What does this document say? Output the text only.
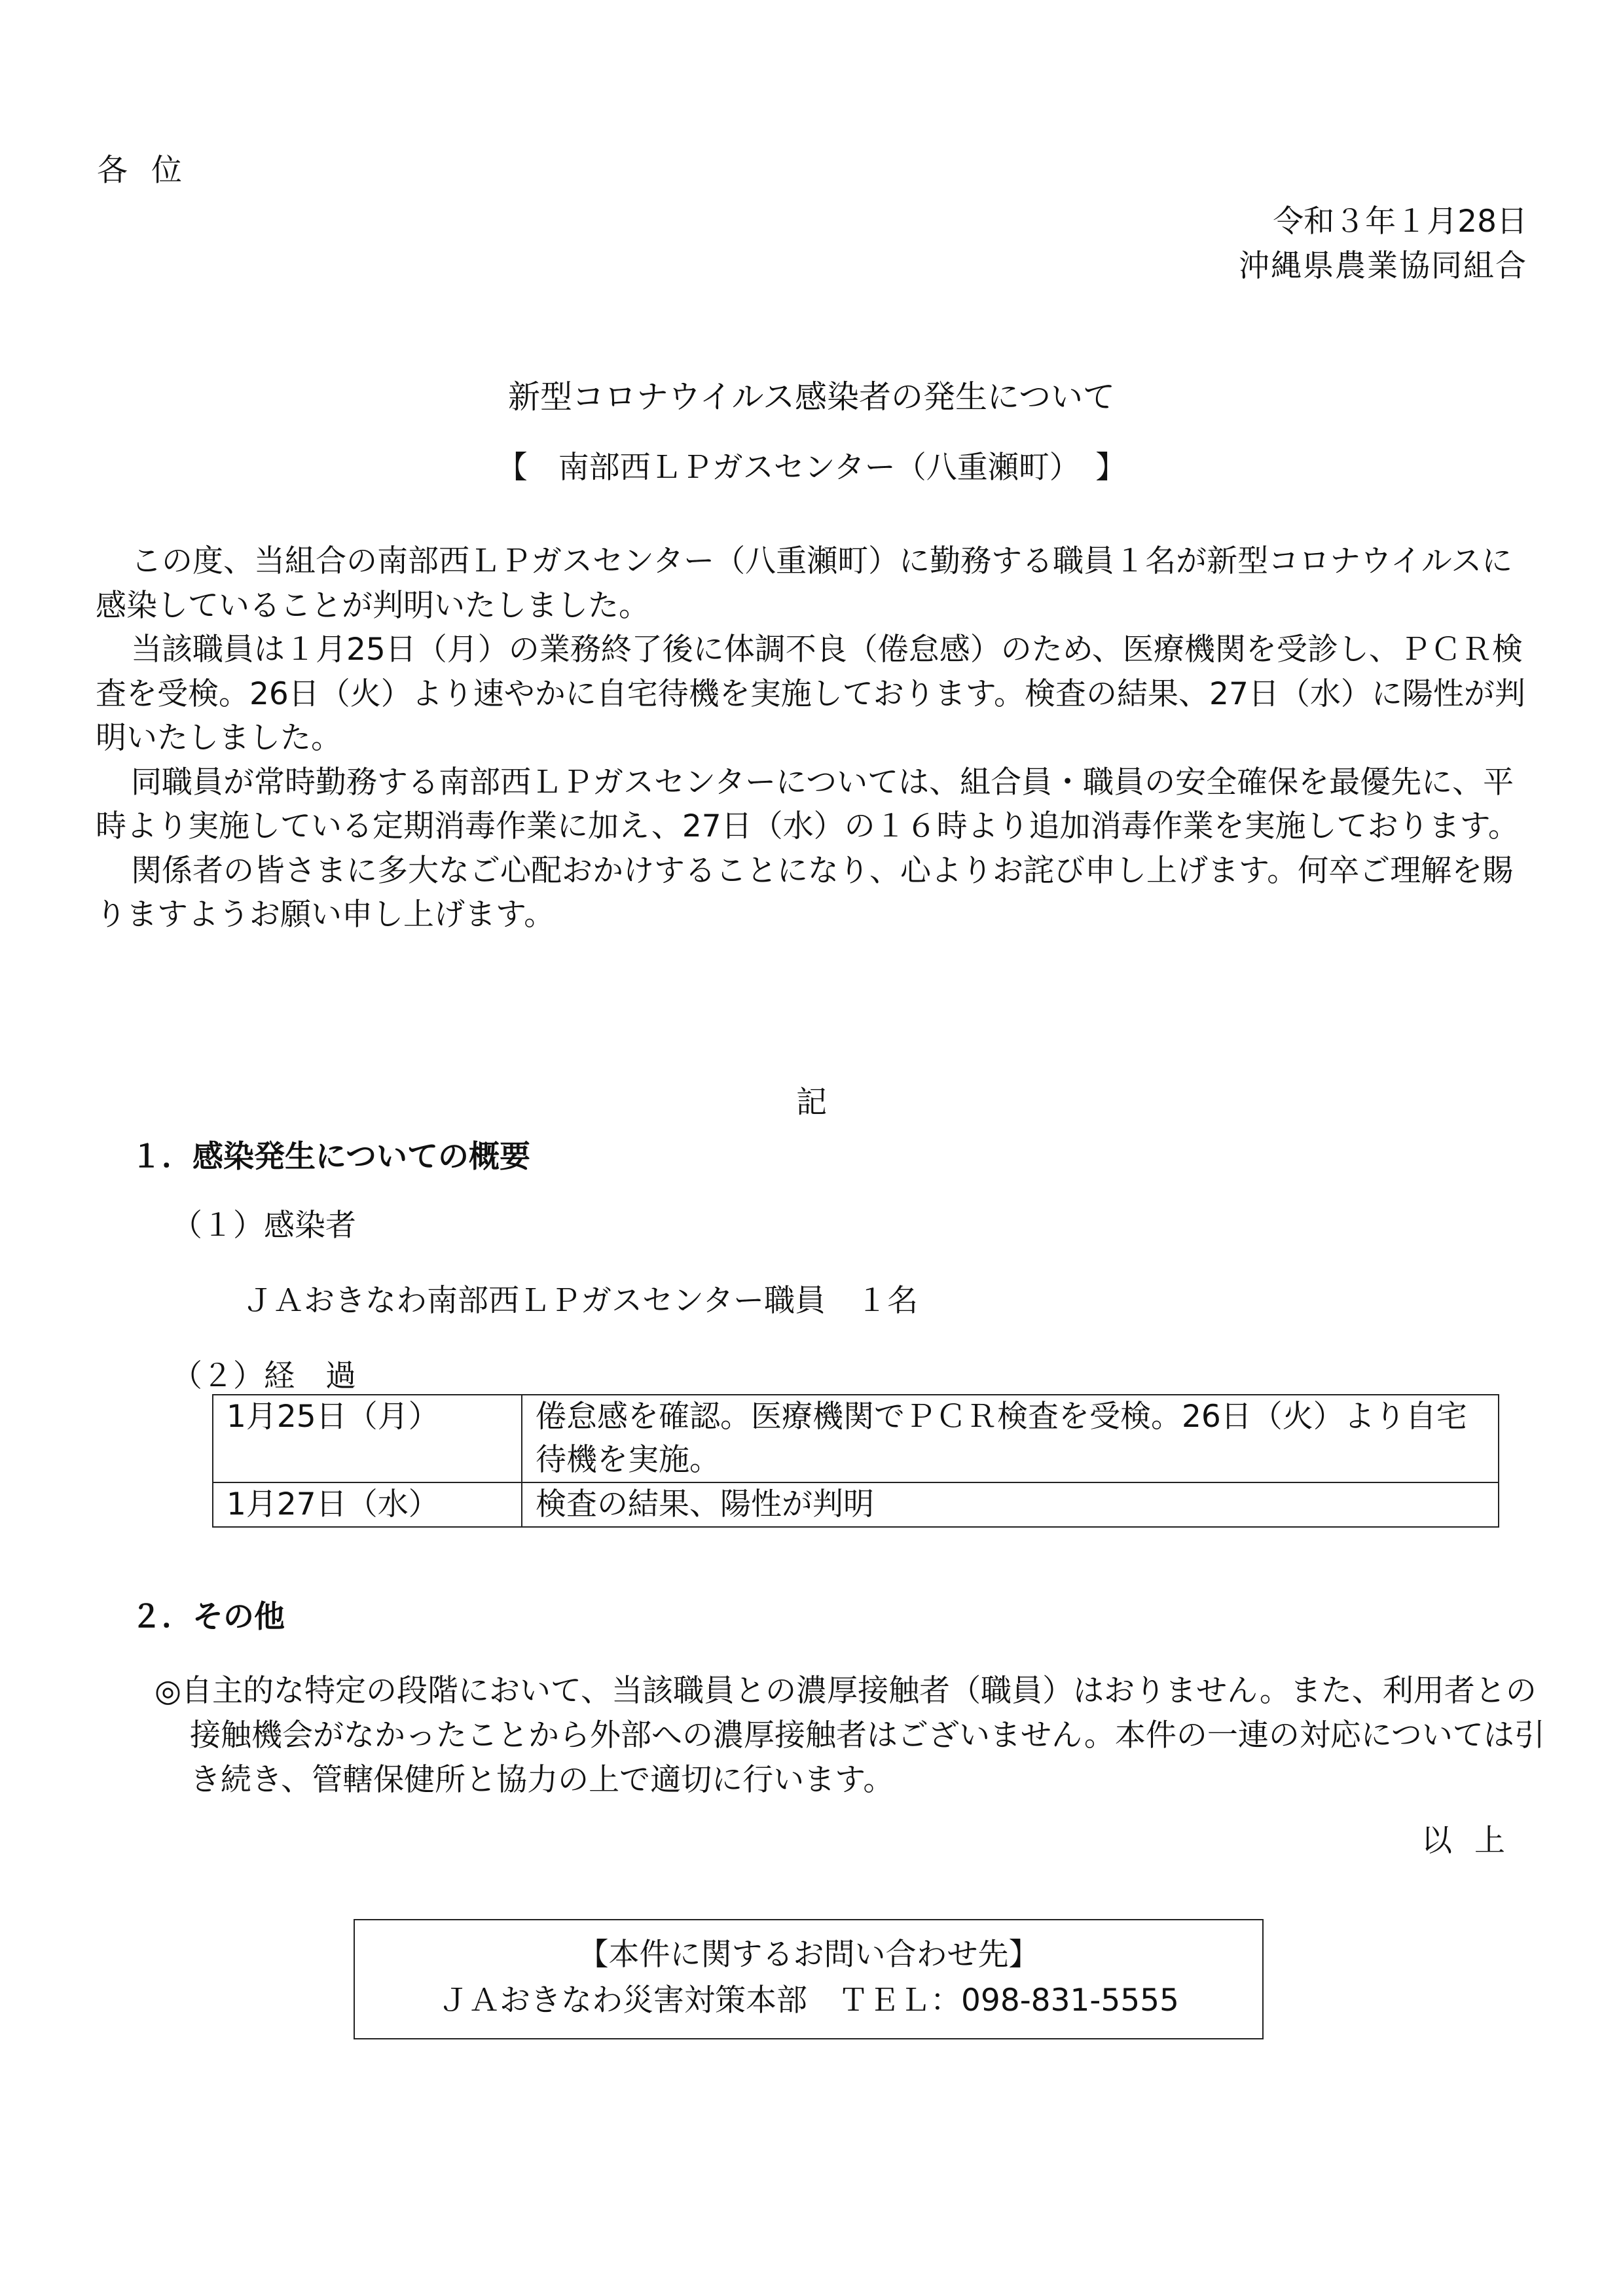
各位
令和３年１月28日
沖縄県農業協同組合
新型コロナウイルス感染者の発生について
【　南部西ＬＰガスセンター（八重瀬町）　】

この度、当組合の南部西ＬＰガスセンター（八重瀬町）に勤務する職員１名が新型コロナウイルスに感染していることが判明いたしました。

当該職員は１月25日（月）の業務終了後に体調不良（倦怠感）のため、医療機関を受診し、ＰＣＲ検査を受検。26日（火）より速やかに自宅待機を実施しております。検査の結果、27日（水）に陽性が判明いたしました。

同職員が常時勤務する南部西ＬＰガスセンターについては、組合員・職員の安全確保を最優先に、平時より実施している定期消毒作業に加え、27日（水）の１６時より追加消毒作業を実施しております。

関係者の皆さまに多大なご心配おかけすることになり、心よりお詫び申し上げます。何卒ご理解を賜りますようお願い申し上げます。

記
１．感染発生についての概要
（１）感染者
ＪＡおきなわ南部西ＬＰガスセンター職員　１名
（２）経　過
1月25日（月）	倦怠感を確認。医療機関でＰＣＲ検査を受検。26日（火）より自宅待機を実施。
1月27日（水）	検査の結果、陽性が判明
２．その他
◎自主的な特定の段階において、当該職員との濃厚接触者（職員）はおりません。また、利用者との接触機会がなかったことから外部への濃厚接触者はございません。本件の一連の対応については引き続き、管轄保健所と協力の上で適切に行います。
以上
【本件に関するお問い合わせ先】
ＪＡおきなわ災害対策本部　ＴＥＬ：098-831-5555
